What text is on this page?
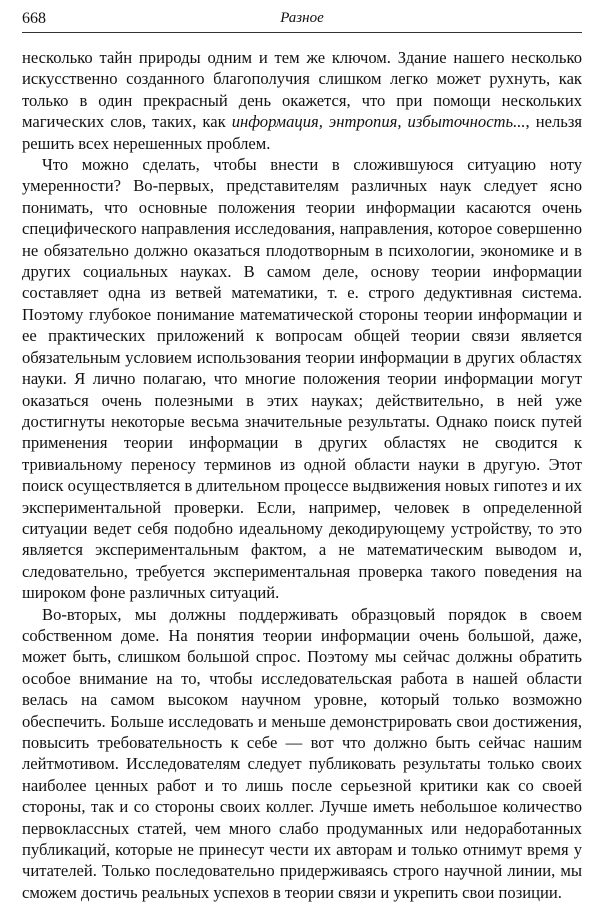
668	Разное

несколько тайн природы одним и тем же ключом. Здание нашего несколько искусственно созданного благополучия слишком легко может рухнуть, как только в один прекрасный день окажется, что при помощи нескольких магических слов, таких, как информация, энтропия, избыточность..., нельзя решить всех нерешенных проблем.

Что можно сделать, чтобы внести в сложившуюся ситуацию ноту умеренности? Во-первых, представителям различных наук следует ясно понимать, что основные положения теории информации касаются очень специфического направления исследования, направления, которое совершенно не обязательно должно оказаться плодотворным в психологии, экономике и в других социальных науках. В самом деле, основу теории информации составляет одна из ветвей математики, т. е. строго дедуктивная система. Поэтому глубокое понимание математической стороны теории информации и ее практических приложений к вопросам общей теории связи является обязательным условием использования теории информации в других областях науки. Я лично полагаю, что многие положения теории информации могут оказаться очень полезными в этих науках; действительно, в ней уже достигнуты некоторые весьма значительные результаты. Однако поиск путей применения теории информации в других областях не сводится к тривиальному переносу терминов из одной области науки в другую. Этот поиск осуществляется в длительном процессе выдвижения новых гипотез и их экспериментальной проверки. Если, например, человек в определенной ситуации ведет себя подобно идеальному декодирующему устройству, то это является экспериментальным фактом, а не математическим выводом и, следовательно, требуется экспериментальная проверка такого поведения на широком фоне различных ситуаций.

Во-вторых, мы должны поддерживать образцовый порядок в своем собственном доме. На понятия теории информации очень большой, даже, может быть, слишком большой спрос. Поэтому мы сейчас должны обратить особое внимание на то, чтобы исследовательская работа в нашей области велась на самом высоком научном уровне, который только возможно обеспечить. Больше исследовать и меньше демонстрировать свои достижения, повысить требовательность к себе — вот что должно быть сейчас нашим лейтмотивом. Исследователям следует публиковать результаты только своих наиболее ценных работ и то лишь после серьезной критики как со своей стороны, так и со стороны своих коллег. Лучше иметь небольшое количество первоклассных статей, чем много слабо продуманных или недоработанных публикаций, которые не принесут чести их авторам и только отнимут время у читателей. Только последовательно придерживаясь строго научной линии, мы сможем достичь реальных успехов в теории связи и укрепить свои позиции.
